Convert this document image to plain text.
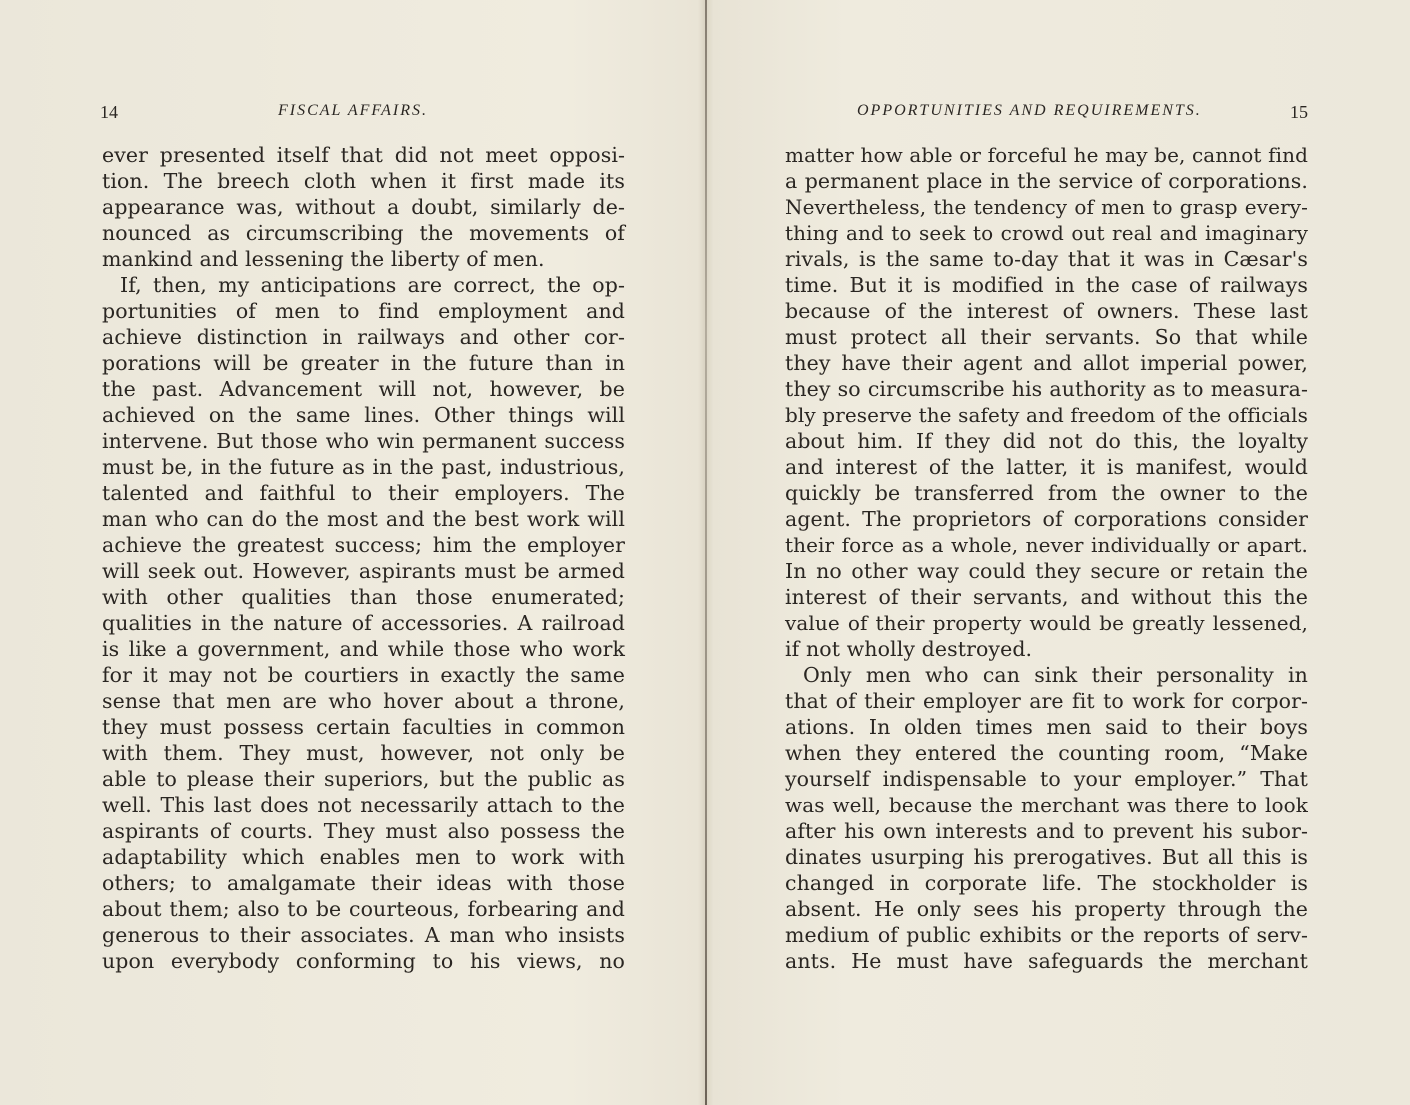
14	FISCAL AFFAIRS.
ever presented itself that did not meet opposi-
tion. The breech cloth when it first made its
appearance was, without a doubt, similarly de-
nounced as circumscribing the movements of
mankind and lessening the liberty of men.
If, then, my anticipations are correct, the op-
portunities of men to find employment and
achieve distinction in railways and other cor-
porations will be greater in the future than in
the past. Advancement will not, however, be
achieved on the same lines. Other things will
intervene. But those who win permanent success
must be, in the future as in the past, industrious,
talented and faithful to their employers. The
man who can do the most and the best work will
achieve the greatest success; him the employer
will seek out. However, aspirants must be armed
with other qualities than those enumerated;
qualities in the nature of accessories. A railroad
is like a government, and while those who work
for it may not be courtiers in exactly the same
sense that men are who hover about a throne,
they must possess certain faculties in common
with them. They must, however, not only be
able to please their superiors, but the public as
well. This last does not necessarily attach to the
aspirants of courts. They must also possess the
adaptability which enables men to work with
others; to amalgamate their ideas with those
about them; also to be courteous, forbearing and
generous to their associates. A man who insists
upon everybody conforming to his views, no
OPPORTUNITIES AND REQUIREMENTS.	15
matter how able or forceful he may be, cannot find
a permanent place in the service of corporations.
Nevertheless, the tendency of men to grasp every-
thing and to seek to crowd out real and imaginary
rivals, is the same to-day that it was in Cæsar's
time. But it is modified in the case of railways
because of the interest of owners. These last
must protect all their servants. So that while
they have their agent and allot imperial power,
they so circumscribe his authority as to measura-
bly preserve the safety and freedom of the officials
about him. If they did not do this, the loyalty
and interest of the latter, it is manifest, would
quickly be transferred from the owner to the
agent. The proprietors of corporations consider
their force as a whole, never individually or apart.
In no other way could they secure or retain the
interest of their servants, and without this the
value of their property would be greatly lessened,
if not wholly destroyed.
Only men who can sink their personality in
that of their employer are fit to work for corpor-
ations. In olden times men said to their boys
when they entered the counting room, “Make
yourself indispensable to your employer.” That
was well, because the merchant was there to look
after his own interests and to prevent his subor-
dinates usurping his prerogatives. But all this is
changed in corporate life. The stockholder is
absent. He only sees his property through the
medium of public exhibits or the reports of serv-
ants. He must have safeguards the merchant
